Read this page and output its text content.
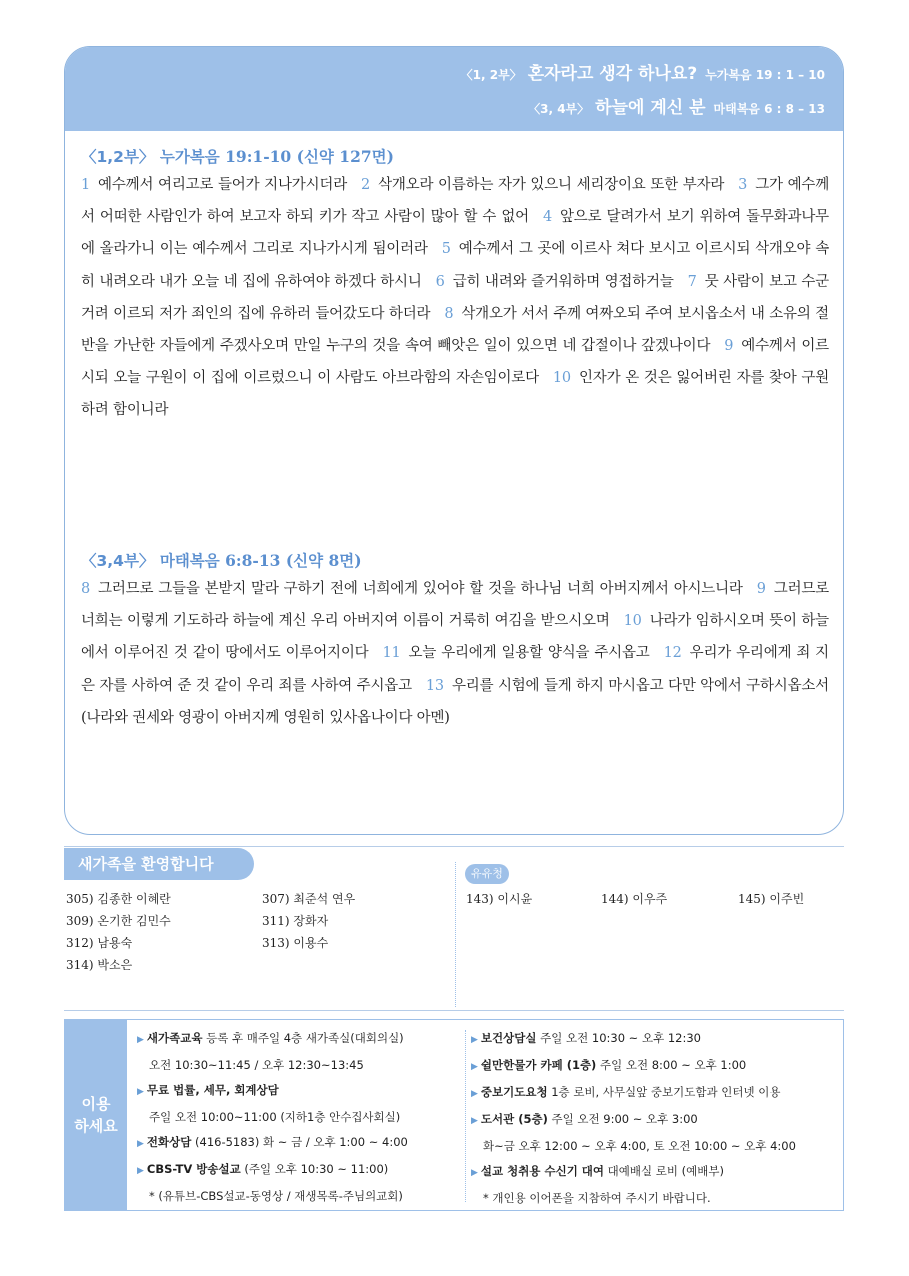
〈1, 2부〉 혼자라고 생각 하나요? 누가복음 19 : 1 – 10
〈3, 4부〉 하늘에 계신 분 마태복음 6 : 8 – 13
〈1,2부〉 누가복음 19:1-10 (신약 127면)
1 예수께서 여리고로 들어가 지나가시더라 2 삭개오라 이름하는 자가 있으니 세리장이요 또한 부자라 3 그가 예수께서 어떠한 사람인가 하여 보고자 하되 키가 작고 사람이 많아 할 수 없어 4 앞으로 달려가서 보기 위하여 돌무화과나무에 올라가니 이는 예수께서 그리로 지나가시게 됨이러라 5 예수께서 그 곳에 이르사 쳐다 보시고 이르시되 삭개오야 속히 내려오라 내가 오늘 네 집에 유하여야 하겠다 하시니 6 급히 내려와 즐거워하며 영접하거늘 7 뭇 사람이 보고 수군거려 이르되 저가 죄인의 집에 유하러 들어갔도다 하더라 8 삭개오가 서서 주께 여짜오되 주여 보시옵소서 내 소유의 절반을 가난한 자들에게 주겠사오며 만일 누구의 것을 속여 빼앗은 일이 있으면 네 갑절이나 갚겠나이다 9 예수께서 이르시되 오늘 구원이 이 집에 이르렀으니 이 사람도 아브라함의 자손임이로다 10 인자가 온 것은 잃어버린 자를 찾아 구원하려 함이니라
〈3,4부〉 마태복음 6:8-13 (신약 8면)
8 그러므로 그들을 본받지 말라 구하기 전에 너희에게 있어야 할 것을 하나님 너희 아버지께서 아시느니라 9 그러므로 너희는 이렇게 기도하라 하늘에 계신 우리 아버지여 이름이 거룩히 여김을 받으시오며 10 나라가 임하시오며 뜻이 하늘에서 이루어진 것 같이 땅에서도 이루어지이다 11 오늘 우리에게 일용할 양식을 주시옵고 12 우리가 우리에게 죄 지은 자를 사하여 준 것 같이 우리 죄를 사하여 주시옵고 13 우리를 시험에 들게 하지 마시옵고 다만 악에서 구하시옵소서 (나라와 권세와 영광이 아버지께 영원히 있사옵나이다 아멘)
새가족을 환영합니다
305) 김종한 이혜란	307) 최준석 연우
309) 온기한 김민수	311) 장화자
312) 남용숙	313) 이용수
314) 박소은
유유청
143) 이시윤	144) 이우주	145) 이주빈
이용
하세요
▶ 새가족교육 등록 후 매주일 4층 새가족실(대회의실)
오전 10:30~11:45 / 오후 12:30~13:45
▶ 무료 법률, 세무, 회계상담
주일 오전 10:00~11:00 (지하1층 안수집사회실)
▶ 전화상담 (416-5183) 화 ~ 금 / 오후 1:00 ~ 4:00
▶ CBS-TV 방송설교 (주일 오후 10:30 ~ 11:00)
* (유튜브-CBS설교-동영상 / 재생목록-주님의교회)
▶ 보건상담실 주일 오전 10:30 ~ 오후 12:30
▶ 쉴만한물가 카페 (1층) 주일 오전 8:00 ~ 오후 1:00
▶ 중보기도요청 1층 로비, 사무실앞 중보기도함과 인터넷 이용
▶ 도서관 (5층) 주일 오전 9:00 ~ 오후 3:00
화~금 오후 12:00 ~ 오후 4:00, 토 오전 10:00 ~ 오후 4:00
▶ 설교 청취용 수신기 대여 대예배실 로비 (예배부)
* 개인용 이어폰을 지참하여 주시기 바랍니다.
